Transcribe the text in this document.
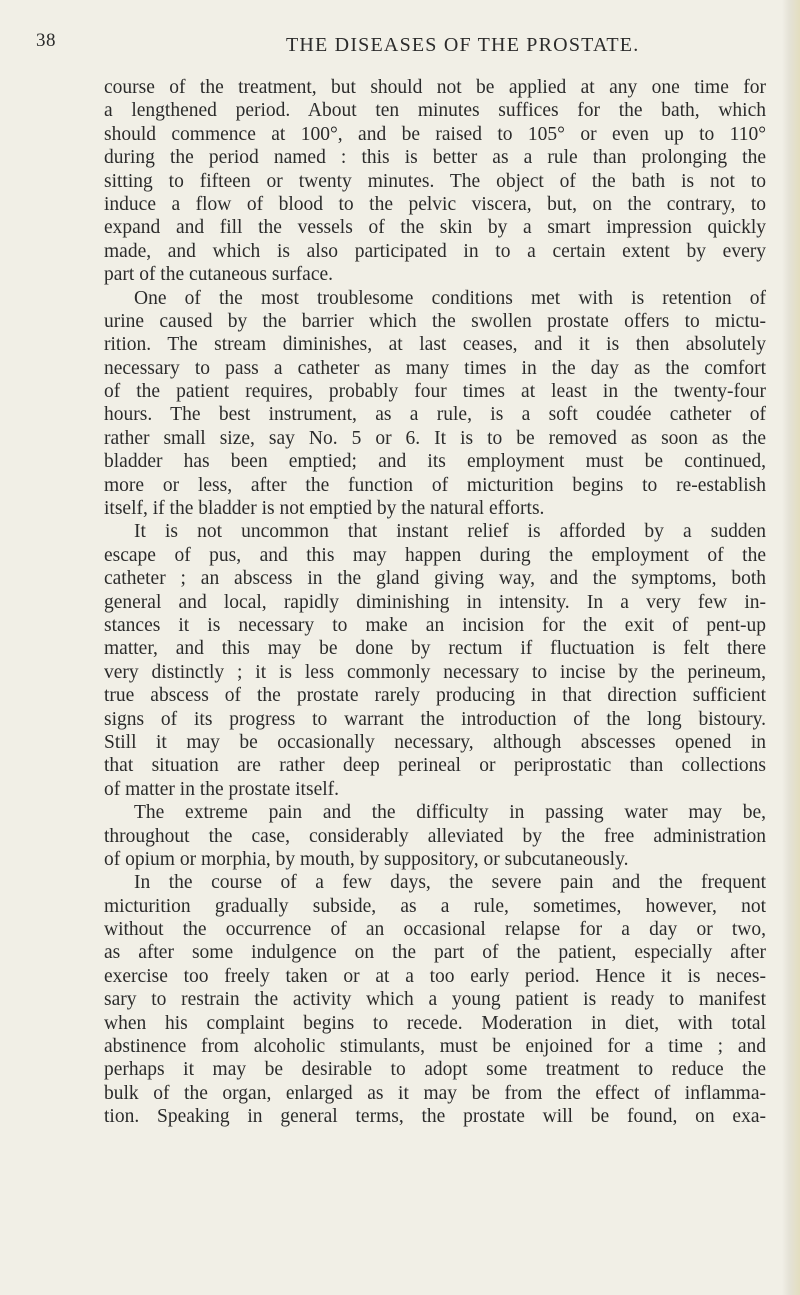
38	THE DISEASES OF THE PROSTATE.
course of the treatment, but should not be applied at any one time for
a lengthened period. About ten minutes suffices for the bath, which
should commence at 100°, and be raised to 105° or even up to 110°
during the period named : this is better as a rule than prolonging the
sitting to fifteen or twenty minutes. The object of the bath is not to
induce a flow of blood to the pelvic viscera, but, on the contrary, to
expand and fill the vessels of the skin by a smart impression quickly
made, and which is also participated in to a certain extent by every
part of the cutaneous surface.
One of the most troublesome conditions met with is retention of
urine caused by the barrier which the swollen prostate offers to mictu-
rition. The stream diminishes, at last ceases, and it is then absolutely
necessary to pass a catheter as many times in the day as the comfort
of the patient requires, probably four times at least in the twenty-four
hours. The best instrument, as a rule, is a soft coudée catheter of
rather small size, say No. 5 or 6. It is to be removed as soon as the
bladder has been emptied; and its employment must be continued,
more or less, after the function of micturition begins to re-establish
itself, if the bladder is not emptied by the natural efforts.
It is not uncommon that instant relief is afforded by a sudden
escape of pus, and this may happen during the employment of the
catheter ; an abscess in the gland giving way, and the symptoms, both
general and local, rapidly diminishing in intensity. In a very few in-
stances it is necessary to make an incision for the exit of pent-up
matter, and this may be done by rectum if fluctuation is felt there
very distinctly ; it is less commonly necessary to incise by the perineum,
true abscess of the prostate rarely producing in that direction sufficient
signs of its progress to warrant the introduction of the long bistoury.
Still it may be occasionally necessary, although abscesses opened in
that situation are rather deep perineal or periprostatic than collections
of matter in the prostate itself.
The extreme pain and the difficulty in passing water may be,
throughout the case, considerably alleviated by the free administration
of opium or morphia, by mouth, by suppository, or subcutaneously.
In the course of a few days, the severe pain and the frequent
micturition gradually subside, as a rule, sometimes, however, not
without the occurrence of an occasional relapse for a day or two,
as after some indulgence on the part of the patient, especially after
exercise too freely taken or at a too early period. Hence it is neces-
sary to restrain the activity which a young patient is ready to manifest
when his complaint begins to recede. Moderation in diet, with total
abstinence from alcoholic stimulants, must be enjoined for a time ; and
perhaps it may be desirable to adopt some treatment to reduce the
bulk of the organ, enlarged as it may be from the effect of inflamma-
tion. Speaking in general terms, the prostate will be found, on exa-
